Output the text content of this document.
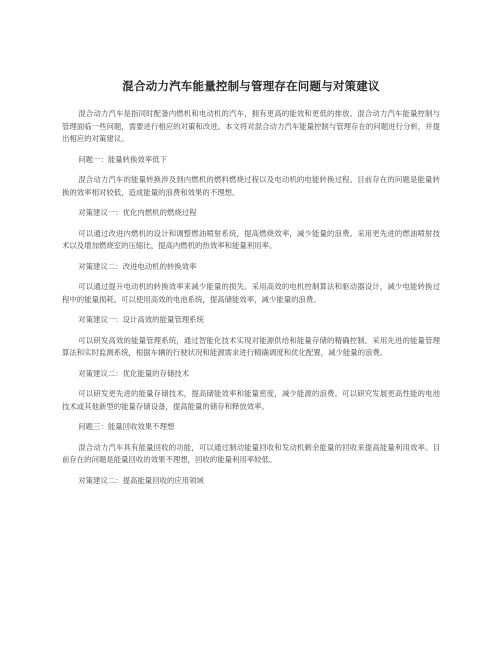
混合动力汽车能量控制与管理存在问题与对策建议

混合动力汽车是指同时配备内燃机和电动机的汽车，拥有更高的能效和更低的排放。混合动力汽车能量控制与管理面临一些问题，需要进行相应的对策和改进。本文将对混合动力汽车能量控制与管理存在的问题进行分析，并提出相应的对策建议。

问题一：能量转换效率低下

混合动力汽车的能量转换涉及到内燃机的燃料燃烧过程以及电动机的电能转换过程。目前存在的问题是能量转换的效率相对较低，造成能量的浪费和效果的不理想。

对策建议一：优化内燃机的燃烧过程

可以通过改进内燃机的设计和调整燃油喷射系统，提高燃烧效率，减少能量的浪费。采用更先进的燃油喷射技术以及增加燃烧室的压缩比，提高内燃机的热效率和能量利用率。

对策建议二：改进电动机的转换效率

可以通过提升电动机的转换效率来减少能量的损失。采用高效的电机控制算法和驱动器设计，减少电能转换过程中的能量损耗。可以使用高效的电池系统，提高储能效率，减少能量的浪费。

对策建议一：设计高效的能量管理系统

可以研发高效的能量管理系统，通过智能化技术实现对能源供给和能量存储的精确控制。采用先进的能量管理算法和实时监测系统，根据车辆的行驶状况和能源需求进行精确调度和优化配置，减少能量的浪费。

对策建议二：优化能量的存储技术

可以研发更先进的能量存储技术，提高储能效率和能量密度，减少能源的浪费。可以研究发展更高性能的电池技术或其他新型的能量存储设备，提高能量的储存和释放效率。

问题三：能量回收效果不理想

混合动力汽车具有能量回收的功能，可以通过制动能量回收和发动机剩余能量的回收来提高能量利用效率。目前存在的问题是能量回收的效果不理想，回收的能量利用率较低。

对策建议二：提高能量回收的应用领域
